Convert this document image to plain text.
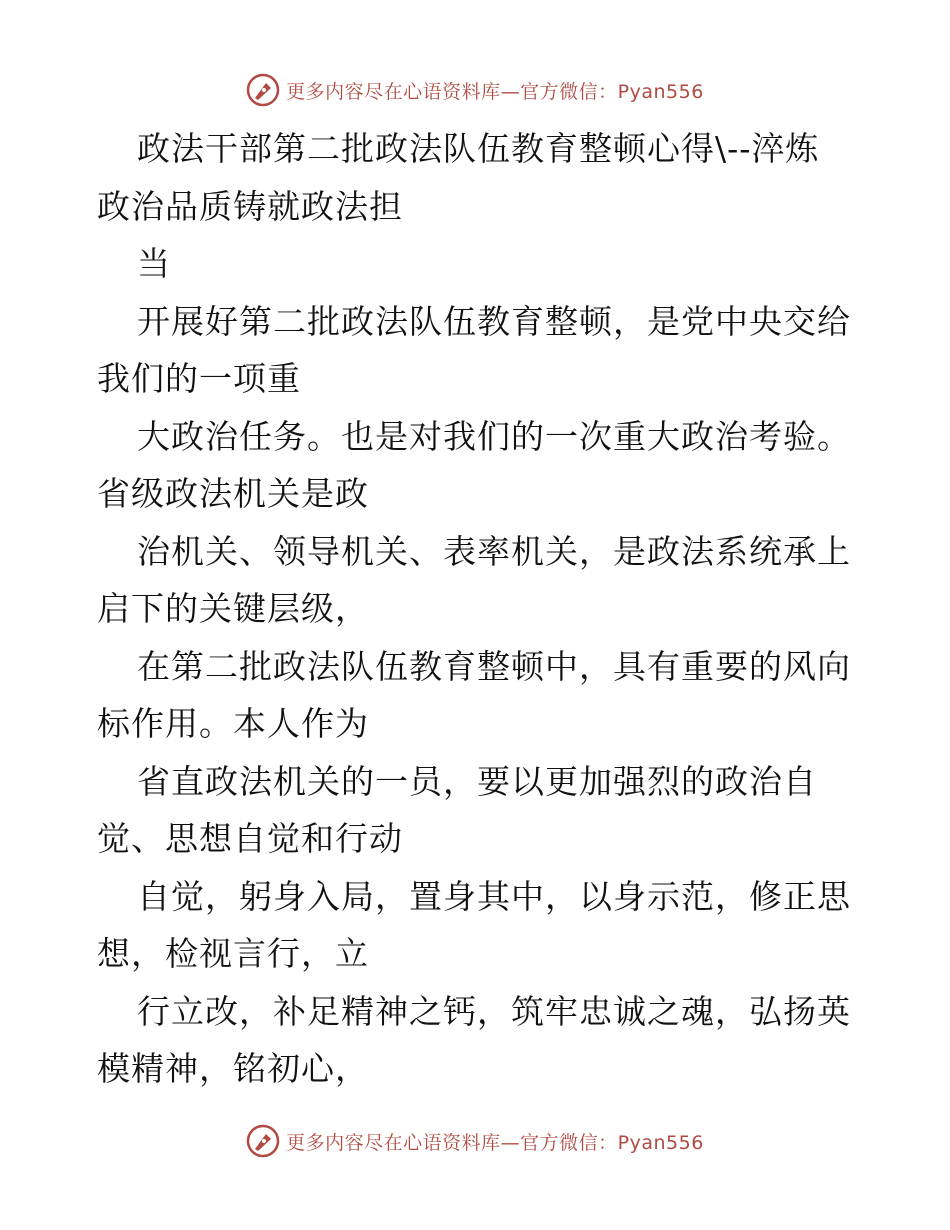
更多内容尽在心语资料库—官方微信：Pyan556
政法干部第二批政法队伍教育整顿心得\--淬炼
政治品质铸就政法担
当
开展好第二批政法队伍教育整顿，是党中央交给
我们的一项重
大政治任务。也是对我们的一次重大政治考验。
省级政法机关是政
治机关、领导机关、表率机关，是政法系统承上
启下的关键层级，
在第二批政法队伍教育整顿中，具有重要的风向
标作用。本人作为
省直政法机关的一员，要以更加强烈的政治自
觉、思想自觉和行动
自觉，躬身入局，置身其中，以身示范，修正思
想，检视言行，立
行立改，补足精神之钙，筑牢忠诚之魂，弘扬英
模精神，铭初心，
更多内容尽在心语资料库—官方微信：Pyan556
